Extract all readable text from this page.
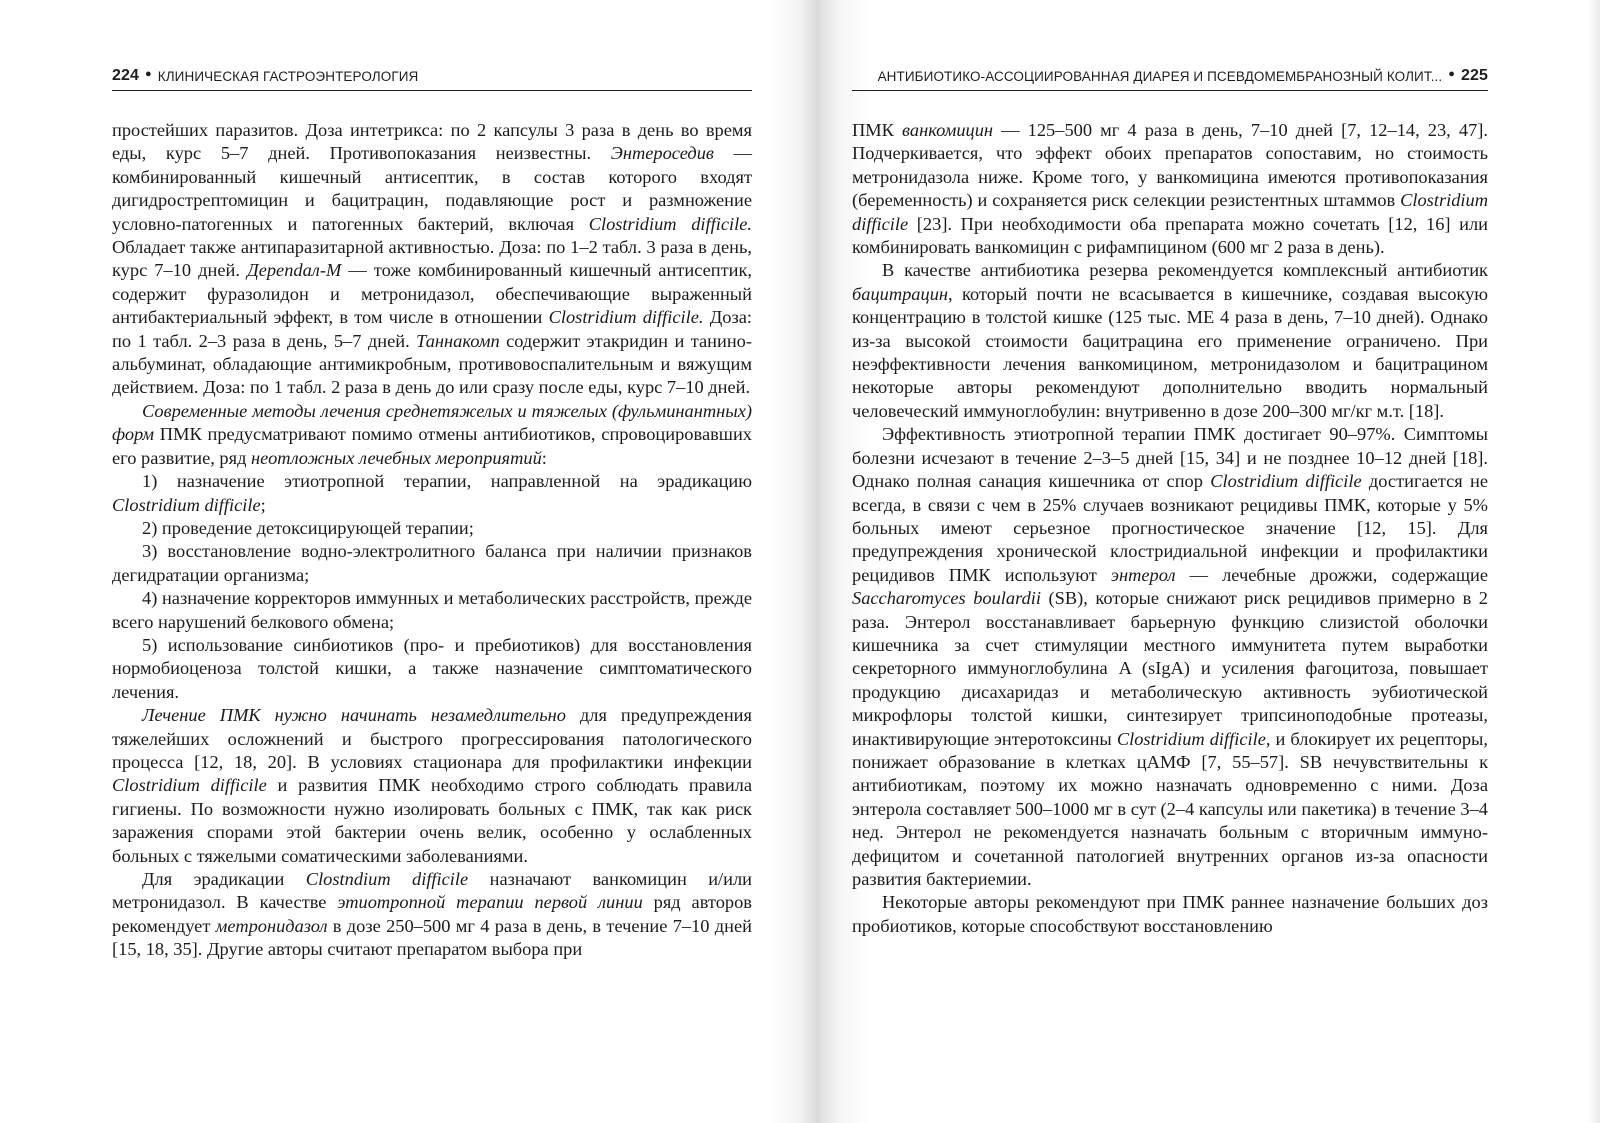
224 ● КЛИНИЧЕСКАЯ ГАСТРОЭНТЕРОЛОГИЯ

простейших паразитов. Доза интетрикса: по 2 капсулы 3 раза в день во время еды, курс 5–7 дней. Противопоказания неизвестны. Энтероседив — комбинированный кишечный антисептик, в состав которого входят дигидрострептомицин и бацитрацин, подавляющие рост и размножение условно-патогенных и патогенных бактерий, включая Clostridium difficile. Обладает также антипаразитарной активностью. Доза: по 1–2 табл. 3 раза в день, курс 7–10 дней. Дependaл-М — тоже комбинированный кишечный антисептик, содержит фуразолидон и метронидазол, обеспечивающие выраженный антибактериальный эффект, в том числе в отношении Clostridium difficile. Доза: по 1 табл. 2–3 раза в день, 5–7 дней. Таннакомп содержит этакридин и таниноальбуминат, обладающие антимикробным, противовоспалительным и вяжущим действием. Доза: по 1 табл. 2 раза в день до или сразу после еды, курс 7–10 дней.

Современные методы лечения среднетяжелых и тяжелых (фульминантных) форм ПМК предусматривают помимо отмены антибиотиков, спровоцировавших его развитие, ряд неотложных лечебных мероприятий:

1) назначение этиотропной терапии, направленной на эрадикацию Clostridium difficile;

2) проведение детоксицирующей терапии;

3) восстановление водно-электролитного баланса при наличии признаков дегидратации организма;

4) назначение корректоров иммунных и метаболических расстройств, прежде всего нарушений белкового обмена;

5) использование синбиотиков (про- и пребиотиков) для восстановления нормобиоценоза толстой кишки, а также назначение симптоматического лечения.

Лечение ПМК нужно начинать незамедлительно для предупреждения тяжелейших осложнений и быстрого прогрессирования патологического процесса [12, 18, 20]. В условиях стационара для профилактики инфекции Clostridium difficile и развития ПМК необходимо строго соблюдать правила гигиены. По возможности нужно изолировать больных с ПМК, так как риск заражения спорами этой бактерии очень велик, особенно у ослабленных больных с тяжелыми соматическими заболеваниями.

Для эрадикации Clostndium difficile назначают ванкомицин и/или метронидазол. В качестве этиотропной терапии первой линии ряд авторов рекомендует метронидазол в дозе 250–500 мг 4 раза в день, в течение 7–10 дней [15, 18, 35]. Другие авторы считают препаратом выбора при

АНТИБИОТИКО-АССОЦИИРОВАННАЯ ДИАРЕЯ И ПСЕВДОМЕМБРАНОЗНЫЙ КОЛИТ... ● 225

ПМК ванкомицин — 125–500 мг 4 раза в день, 7–10 дней [7, 12–14, 23, 47]. Подчеркивается, что эффект обоих препаратов сопоставим, но стоимость метронидазола ниже. Кроме того, у ванкомицина имеются противопоказания (беременность) и сохраняется риск селекции резистентных штаммов Clostridium difficile [23]. При необходимости оба препарата можно сочетать [12, 16] или комбинировать ванкомицин с рифампицином (600 мг 2 раза в день).

В качестве антибиотика резерва рекомендуется комплексный антибиотик бацитрацин, который почти не всасывается в кишечнике, создавая высокую концентрацию в толстой кишке (125 тыс. МЕ 4 раза в день, 7–10 дней). Однако из-за высокой стоимости бацитрацина его применение ограничено. При неэффективности лечения ванкомицином, метронидазолом и бацитрацином некоторые авторы рекомендуют дополнительно вводить нормальный человеческий иммуноглобулин: внутривенно в дозе 200–300 мг/кг м.т. [18].

Эффективность этиотропной терапии ПМК достигает 90–97%. Симптомы болезни исчезают в течение 2–3–5 дней [15, 34] и не позднее 10–12 дней [18]. Однако полная санация кишечника от спор Clostridium difficile достигается не всегда, в связи с чем в 25% случаев возникают рецидивы ПМК, которые у 5% больных имеют серьезное прогностическое значение [12, 15]. Для предупреждения хронической клостридиальной инфекции и профилактики рецидивов ПМК используют энтерол — лечебные дрожжи, содержащие Saccharomyces boulardii (SB), которые снижают риск рецидивов примерно в 2 раза. Энтерол восстанавливает барьерную функцию слизистой оболочки кишечника за счет стимуляции местного иммунитета путем выработки секреторного иммуноглобулина A (sIgA) и усиления фагоцитоза, повышает продукцию дисахаридаз и метаболическую активность эубиотической микрофлоры толстой кишки, синтезирует трипсиноподобные протеазы, инактивирующие энтеротоксины Clostridium difficile, и блокирует их рецепторы, понижает образование в клетках цАМФ [7, 55–57]. SB нечувствительны к антибиотикам, поэтому их можно назначать одновременно с ними. Доза энтерола составляет 500–1000 мг в сут (2–4 капсулы или пакетика) в течение 3–4 нед. Энтерол не рекомендуется назначать больным с вторичным иммунодефицитом и сочетанной патологией внутренних органов из-за опасности развития бактериемии.

Некоторые авторы рекомендуют при ПМК раннее назначение больших доз пробиотиков, которые способствуют восстановлению
